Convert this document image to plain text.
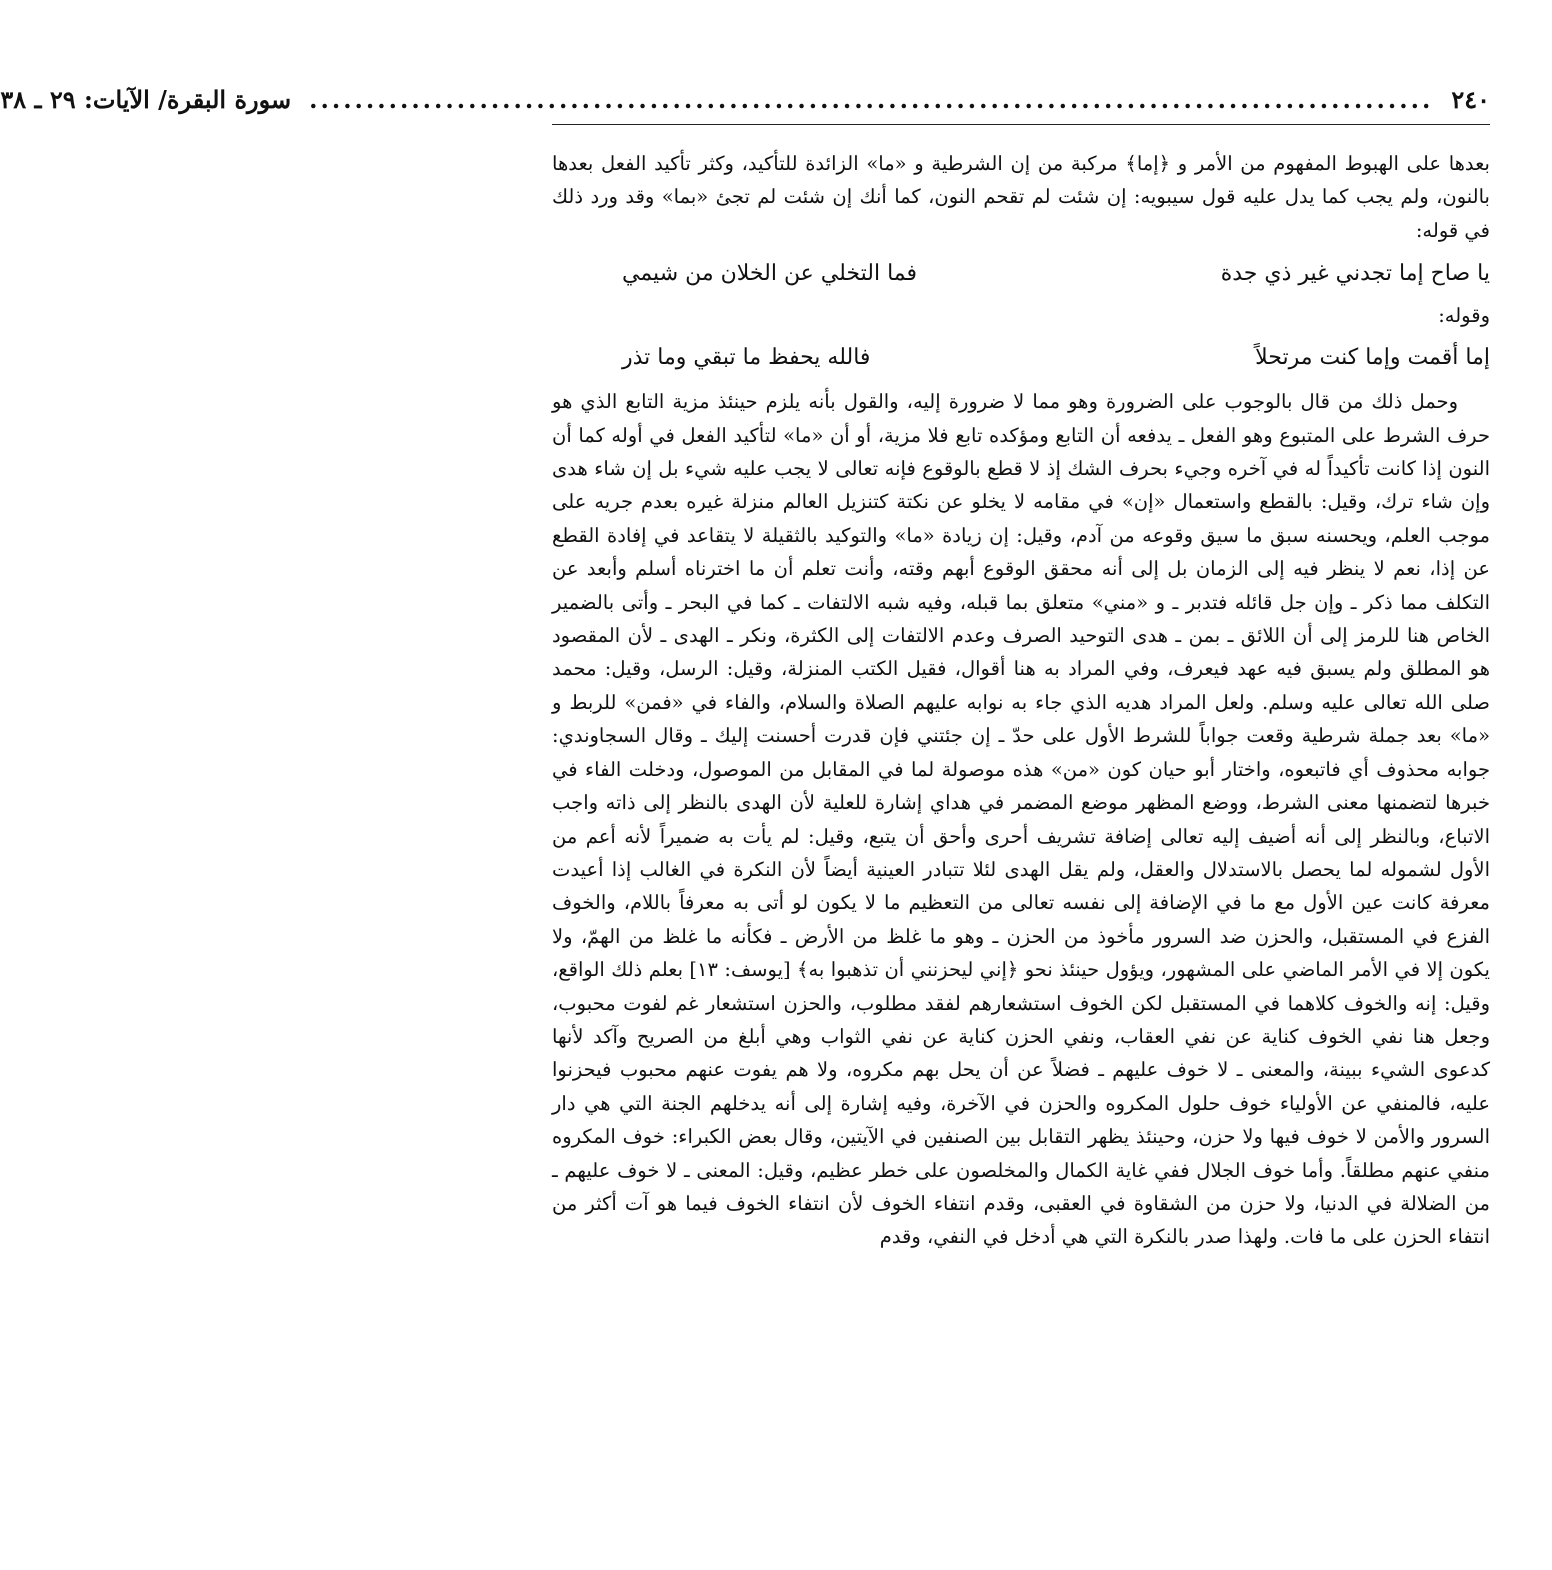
٢٤٠
...................................................................................................
سورة البقرة/ الآيات: ٢٩ ـ ٣٨

بعدها على الهبوط المفهوم من الأمر و ﴿إما﴾ مركبة من إن الشرطية و «ما» الزائدة للتأكيد، وكثر تأكيد الفعل بعدها بالنون، ولم يجب كما يدل عليه قول سيبويه: إن شئت لم تقحم النون، كما أنك إن شئت لم تجئ «بما» وقد ورد ذلك في قوله:

يا صاح إما تجدني غير ذي جدة
فما التخلي عن الخلان من شيمي

وقوله:

إما أقمت وإما كنت مرتحلاً
فالله يحفظ ما تبقي وما تذر

وحمل ذلك من قال بالوجوب على الضرورة وهو مما لا ضرورة إليه، والقول بأنه يلزم حينئذ مزية التابع الذي هو حرف الشرط على المتبوع وهو الفعل ـ يدفعه أن التابع ومؤكده تابع فلا مزية، أو أن «ما» لتأكيد الفعل في أوله كما أن النون إذا كانت تأكيداً له في آخره وجيء بحرف الشك إذ لا قطع بالوقوع فإنه تعالى لا يجب عليه شيء بل إن شاء هدى وإن شاء ترك، وقيل: بالقطع واستعمال «إن» في مقامه لا يخلو عن نكتة كتنزيل العالم منزلة غيره بعدم جريه على موجب العلم، ويحسنه سبق ما سيق وقوعه من آدم، وقيل: إن زيادة «ما» والتوكيد بالثقيلة لا يتقاعد في إفادة القطع عن إذا، نعم لا ينظر فيه إلى الزمان بل إلى أنه محقق الوقوع أبهم وقته، وأنت تعلم أن ما اخترناه أسلم وأبعد عن التكلف مما ذكر ـ وإن جل قائله فتدبر ـ و «مني» متعلق بما قبله، وفيه شبه الالتفات ـ كما في البحر ـ وأتى بالضمير الخاص هنا للرمز إلى أن اللائق ـ بمن ـ هدى التوحيد الصرف وعدم الالتفات إلى الكثرة، ونكر ـ الهدى ـ لأن المقصود هو المطلق ولم يسبق فيه عهد فيعرف، وفي المراد به هنا أقوال، فقيل الكتب المنزلة، وقيل: الرسل، وقيل: محمد صلى الله تعالى عليه وسلم. ولعل المراد هديه الذي جاء به نوابه عليهم الصلاة والسلام، والفاء في «فمن» للربط و «ما» بعد جملة شرطية وقعت جواباً للشرط الأول على حدّ ـ إن جئتني فإن قدرت أحسنت إليك ـ وقال السجاوندي: جوابه محذوف أي فاتبعوه، واختار أبو حيان كون «من» هذه موصولة لما في المقابل من الموصول، ودخلت الفاء في خبرها لتضمنها معنى الشرط، ووضع المظهر موضع المضمر في هداي إشارة للعلية لأن الهدى بالنظر إلى ذاته واجب الاتباع، وبالنظر إلى أنه أضيف إليه تعالى إضافة تشريف أحرى وأحق أن يتبع، وقيل: لم يأت به ضميراً لأنه أعم من الأول لشموله لما يحصل بالاستدلال والعقل، ولم يقل الهدى لئلا تتبادر العينية أيضاً لأن النكرة في الغالب إذا أعيدت معرفة كانت عين الأول مع ما في الإضافة إلى نفسه تعالى من التعظيم ما لا يكون لو أتى به معرفاً باللام، والخوف الفزع في المستقبل، والحزن ضد السرور مأخوذ من الحزن ـ وهو ما غلظ من الأرض ـ فكأنه ما غلظ من الهمّ، ولا يكون إلا في الأمر الماضي على المشهور، ويؤول حينئذ نحو ﴿إني ليحزنني أن تذهبوا به﴾ [يوسف: ١٣] بعلم ذلك الواقع، وقيل: إنه والخوف كلاهما في المستقبل لكن الخوف استشعارهم لفقد مطلوب، والحزن استشعار غم لفوت محبوب، وجعل هنا نفي الخوف كناية عن نفي العقاب، ونفي الحزن كناية عن نفي الثواب وهي أبلغ من الصريح وآكد لأنها كدعوى الشيء ببينة، والمعنى ـ لا خوف عليهم ـ فضلاً عن أن يحل بهم مكروه، ولا هم يفوت عنهم محبوب فيحزنوا عليه، فالمنفي عن الأولياء خوف حلول المكروه والحزن في الآخرة، وفيه إشارة إلى أنه يدخلهم الجنة التي هي دار السرور والأمن لا خوف فيها ولا حزن، وحينئذ يظهر التقابل بين الصنفين في الآيتين، وقال بعض الكبراء: خوف المكروه منفي عنهم مطلقاً. وأما خوف الجلال ففي غاية الكمال والمخلصون على خطر عظيم، وقيل: المعنى ـ لا خوف عليهم ـ من الضلالة في الدنيا، ولا حزن من الشقاوة في العقبى، وقدم انتفاء الخوف لأن انتفاء الخوف فيما هو آت أكثر من انتفاء الحزن على ما فات. ولهذا صدر بالنكرة التي هي أدخل في النفي، وقدم
